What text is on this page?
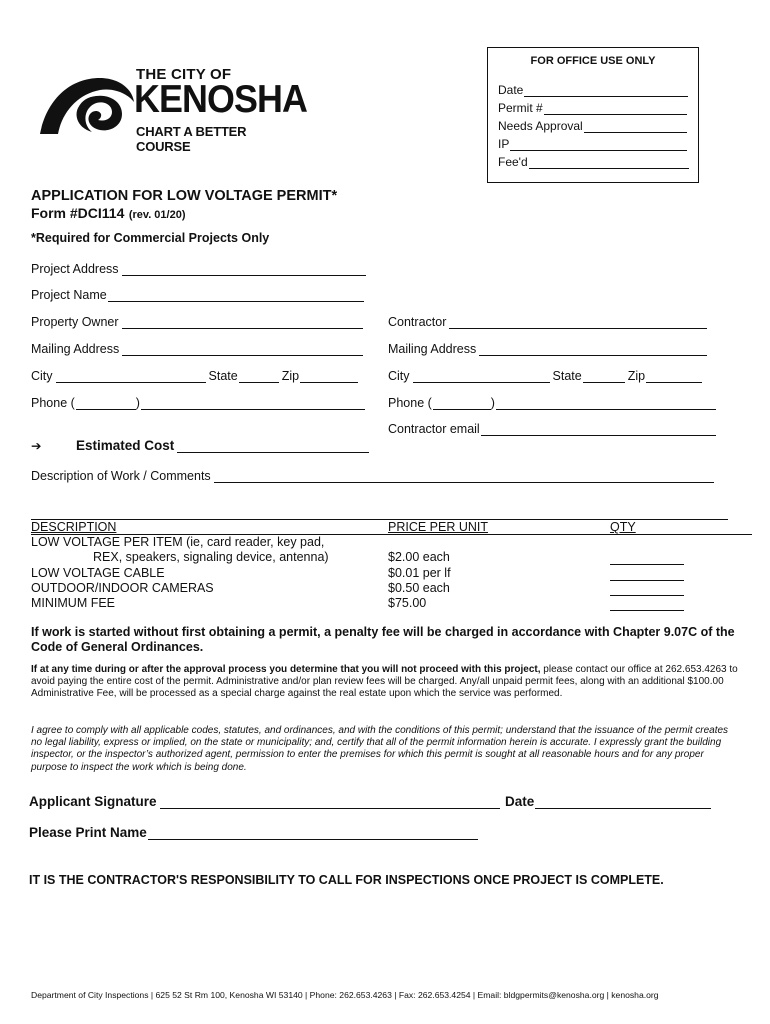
THE CITY OF
KENOSHA
CHART A BETTER COURSE
FOR OFFICE USE ONLY
Date
Permit #
Needs Approval
IP
Fee'd
APPLICATION FOR LOW VOLTAGE PERMIT*
Form #DCI114 (rev. 01/20)
*Required for Commercial Projects Only
Project Address
Project Name
Property Owner
Mailing Address
City	State	Zip
Phone (	)
Contractor
Mailing Address
City	State	Zip
Phone (	)
Contractor email
➔	Estimated Cost
Description of Work / Comments
DESCRIPTION	PRICE PER UNIT	QTY
LOW VOLTAGE PER ITEM (ie, card reader, key pad,
REX, speakers, signaling device, antenna)	$2.00 each
LOW VOLTAGE CABLE	$0.01 per lf
OUTDOOR/INDOOR CAMERAS	$0.50 each
MINIMUM FEE	$75.00
If work is started without first obtaining a permit, a penalty fee will be charged in accordance with Chapter 9.07C of the Code of General Ordinances.
If at any time during or after the approval process you determine that you will not proceed with this project, please contact our office at 262.653.4263 to avoid paying the entire cost of the permit. Administrative and/or plan review fees will be charged. Any/all unpaid permit fees, along with an additional $100.00 Administrative Fee, will be processed as a special charge against the real estate upon which the service was performed.
I agree to comply with all applicable codes, statutes, and ordinances, and with the conditions of this permit; understand that the issuance of the permit creates no legal liability, express or implied, on the state or municipality; and, certify that all of the permit information herein is accurate. I expressly grant the building inspector, or the inspector’s authorized agent, permission to enter the premises for which this permit is sought at all reasonable hours and for any proper purpose to inspect the work which is being done.
Applicant Signature	Date
Please Print Name
IT IS THE CONTRACTOR'S RESPONSIBILITY TO CALL FOR INSPECTIONS ONCE PROJECT IS COMPLETE.
Department of City Inspections | 625 52 St Rm 100, Kenosha WI 53140 | Phone: 262.653.4263 | Fax: 262.653.4254 | Email: bldgpermits@kenosha.org | kenosha.org
